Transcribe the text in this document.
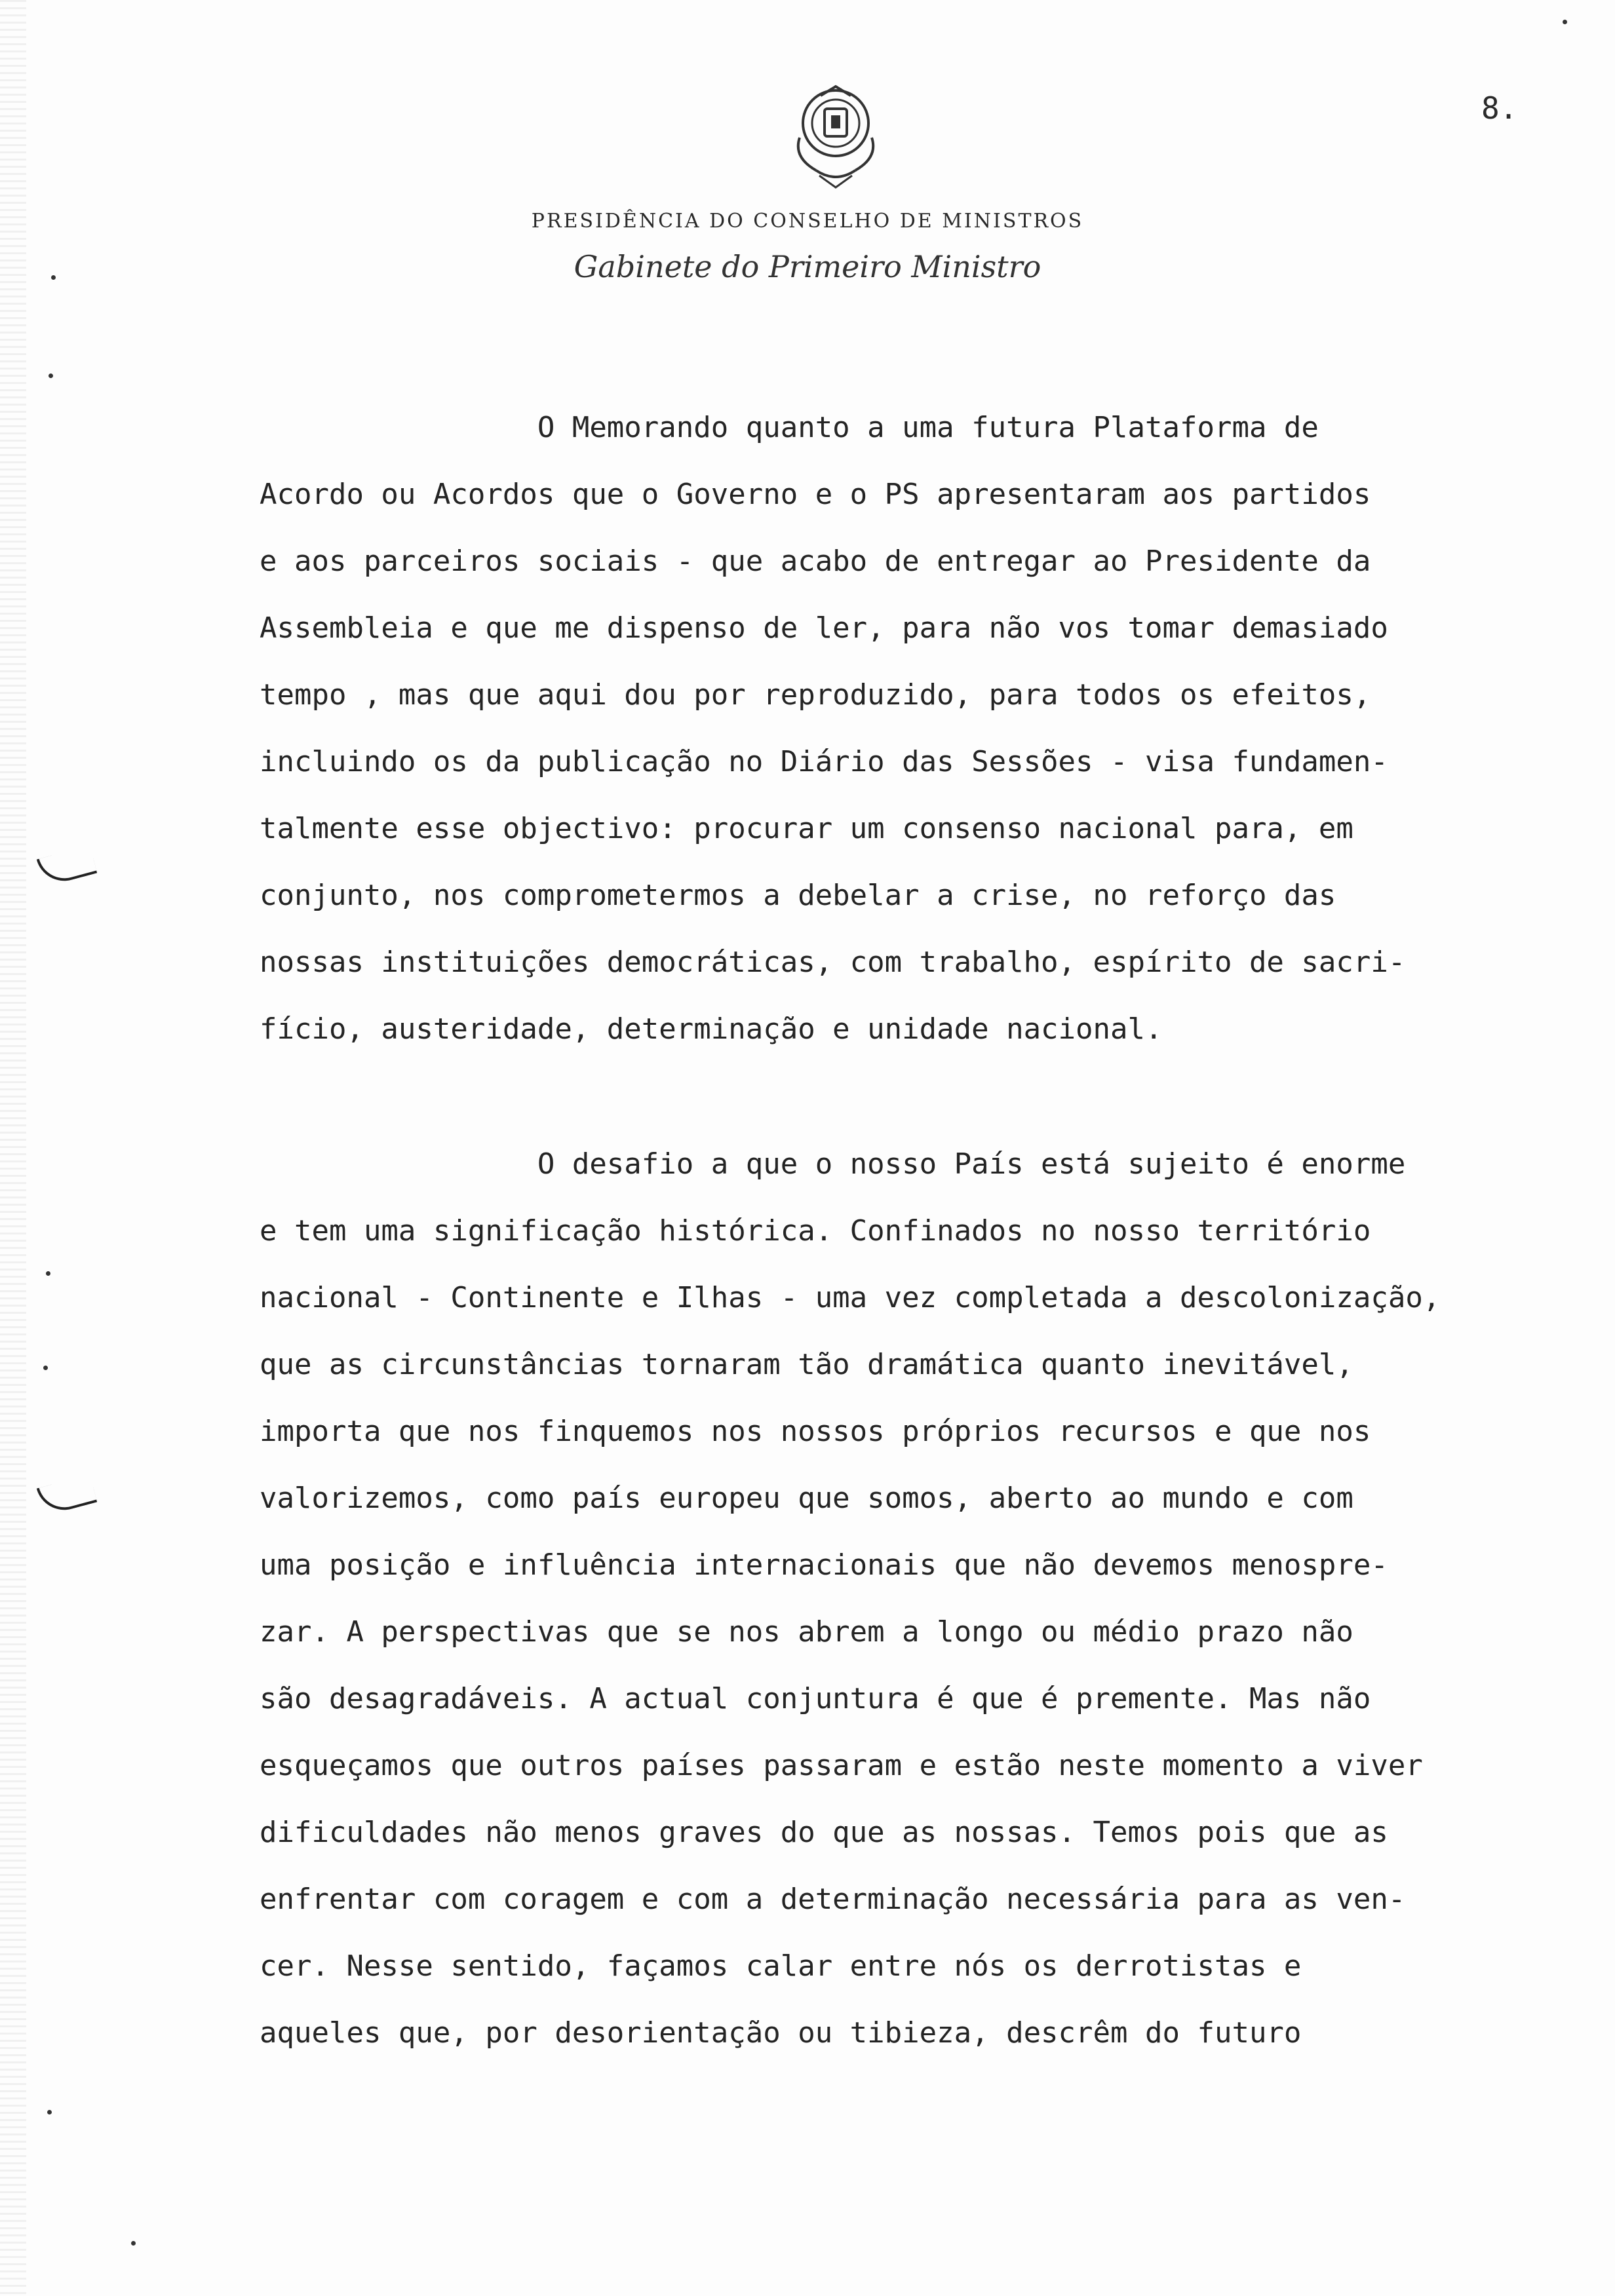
8.
PRESIDÊNCIA DO CONSELHO DE MINISTROS
Gabinete do Primeiro Ministro
O Memorando quanto a uma futura Plataforma de
Acordo ou Acordos que o Governo e o PS apresentaram aos partidos
e aos parceiros sociais - que acabo de entregar ao Presidente da
Assembleia e que me dispenso de ler, para não vos tomar demasiado
tempo , mas que aqui dou por reproduzido, para todos os efeitos,
incluindo os da publicação no Diário das Sessões - visa fundamen-
talmente esse objectivo: procurar um consenso nacional para, em
conjunto, nos comprometermos a debelar a crise, no reforço das
nossas instituições democráticas, com trabalho, espírito de sacri-
fício, austeridade, determinação e unidade nacional.
O desafio a que o nosso País está sujeito é enorme
e tem uma significação histórica. Confinados no nosso território
nacional - Continente e Ilhas - uma vez completada a descolonização,
que as circunstâncias tornaram tão dramática quanto inevitável,
importa que nos finquemos nos nossos próprios recursos e que nos
valorizemos, como país europeu que somos, aberto ao mundo e com
uma posição e influência internacionais que não devemos menospre-
zar. A perspectivas que se nos abrem a longo ou médio prazo não
são desagradáveis. A actual conjuntura é que é premente. Mas não
esqueçamos que outros países passaram e estão neste momento a viver
dificuldades não menos graves do que as nossas. Temos pois que as
enfrentar com coragem e com a determinação necessária para as ven-
cer. Nesse sentido, façamos calar entre nós os derrotistas e
aqueles que, por desorientação ou tibieza, descrêm do futuro
